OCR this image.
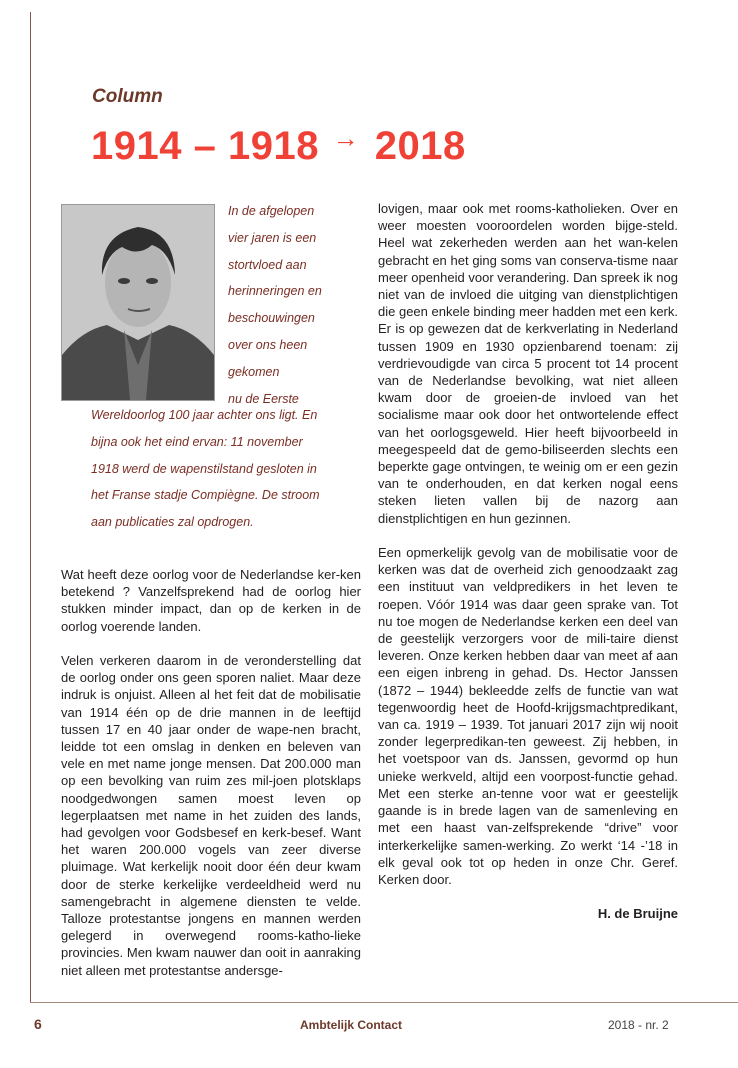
Column
1914 – 1918 → 2018
In de afgelopen
vier jaren is een
stortvloed aan
herinneringen en
beschouwingen
over ons heen
gekomen
nu de Eerste
Wereldoorlog 100 jaar achter ons ligt. En
bijna ook het eind ervan: 11 november
1918 werd de wapenstilstand gesloten in
het Franse stadje Compiègne. De stroom
aan publicaties zal opdrogen.

Wat heeft deze oorlog voor de Nederlandse ker-ken betekend ? Vanzelfsprekend had de oorlog hier stukken minder impact, dan op de kerken in de oorlog voerende landen.

Velen verkeren daarom in de veronderstelling dat de oorlog onder ons geen sporen naliet. Maar deze indruk is onjuist. Alleen al het feit dat de mobilisatie van 1914 één op de drie mannen in de leeftijd tussen 17 en 40 jaar onder de wape-nen bracht, leidde tot een omslag in denken en beleven van vele en met name jonge mensen. Dat 200.000 man op een bevolking van ruim zes mil-joen plotsklaps noodgedwongen samen moest leven op legerplaatsen met name in het zuiden des lands, had gevolgen voor Godsbesef en kerk-besef. Want het waren 200.000 vogels van zeer diverse pluimage. Wat kerkelijk nooit door één deur kwam door de sterke kerkelijke verdeeldheid werd nu samengebracht in algemene diensten te velde. Talloze protestantse jongens en mannen werden gelegerd in overwegend rooms-katho-lieke provincies. Men kwam nauwer dan ooit in aanraking niet alleen met protestantse andersge-

lovigen, maar ook met rooms-katholieken. Over en weer moesten vooroordelen worden bijge-steld. Heel wat zekerheden werden aan het wan-kelen gebracht en het ging soms van conserva-tisme naar meer openheid voor verandering. Dan spreek ik nog niet van de invloed die uitging van dienstplichtigen die geen enkele binding meer hadden met een kerk. Er is op gewezen dat de kerkverlating in Nederland tussen 1909 en 1930 opzienbarend toenam: zij verdrievoudigde van circa 5 procent tot 14 procent van de Nederlandse bevolking, wat niet alleen kwam door de groeien-de invloed van het socialisme maar ook door het ontwortelende effect van het oorlogsgeweld. Hier heeft bijvoorbeeld in meegespeeld dat de gemo-biliseerden slechts een beperkte gage ontvingen, te weinig om er een gezin van te onderhouden, en dat kerken nogal eens steken lieten vallen bij de nazorg aan dienstplichtigen en hun gezinnen.

Een opmerkelijk gevolg van de mobilisatie voor de kerken was dat de overheid zich genoodzaakt zag een instituut van veldpredikers in het leven te roepen. Vóór 1914 was daar geen sprake van. Tot nu toe mogen de Nederlandse kerken een deel van de geestelijk verzorgers voor de mili-taire dienst leveren. Onze kerken hebben daar van meet af aan een eigen inbreng in gehad. Ds. Hector Janssen (1872 – 1944) bekleedde zelfs de functie van wat tegenwoordig heet de Hoofd-krijgsmachtpredikant, van ca. 1919 – 1939. Tot januari 2017 zijn wij nooit zonder legerpredikan-ten geweest. Zij hebben, in het voetspoor van ds. Janssen, gevormd op hun unieke werkveld, altijd een voorpost-functie gehad. Met een sterke an-tenne voor wat er geestelijk gaande is in brede lagen van de samenleving en met een haast van-zelfsprekende “drive” voor interkerkelijke samen-werking. Zo werkt ‘14 -’18 in elk geval ook tot op heden in onze Chr. Geref. Kerken door.

H. de Bruijne

6	Ambtelijk Contact	2018 - nr. 2
